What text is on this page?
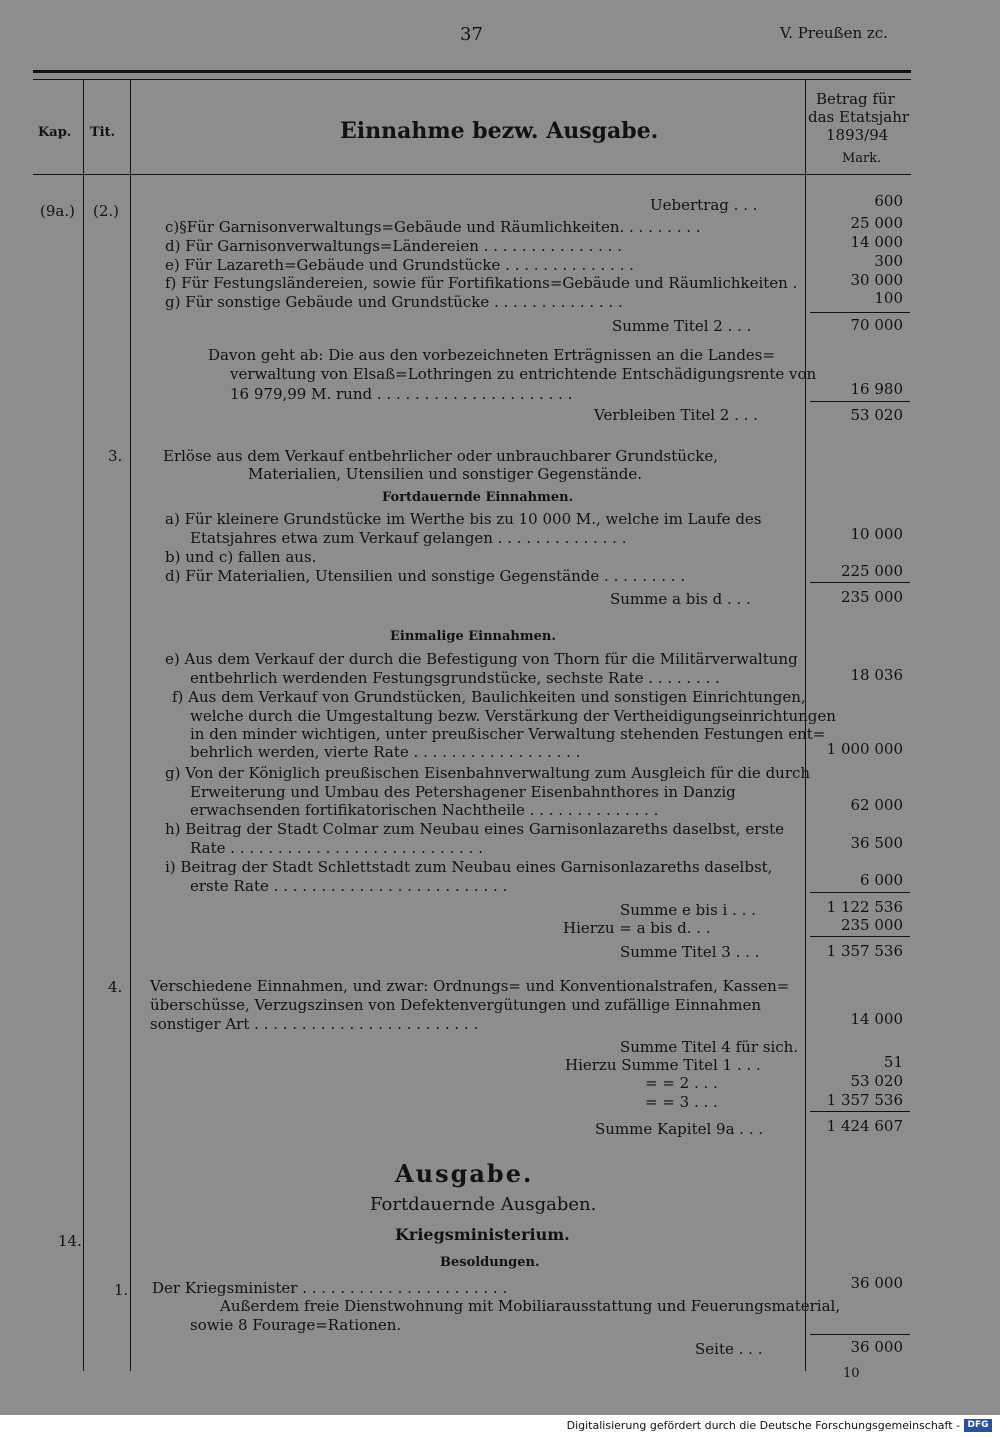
37	V. Preußen zc.
Kap. Tit.	Einnahme bezw. Ausgabe.
Betrag für
das Etatsjahr
1893/94
Mark.
(9a.) (2.)
3.
4.
14.
1.
Uebertrag . . .
c)§Für Garnisonverwaltungs=Gebäude und Räumlichkeiten. . . . . . . . .
d) Für Garnisonverwaltungs=Ländereien . . . . . . . . . . . . . . .
e) Für Lazareth=Gebäude und Grundstücke . . . . . . . . . . . . . .
f) Für Festungsländereien, sowie für Fortifikations=Gebäude und Räumlichkeiten .
g) Für sonstige Gebäude und Grundstücke . . . . . . . . . . . . . .
Summe Titel 2 . . .
Davon geht ab: Die aus den vorbezeichneten Erträgnissen an die Landes=
verwaltung von Elsaß=Lothringen zu entrichtende Entschädigungsrente von
16 979,99 M. rund . . . . . . . . . . . . . . . . . . . . .
Verbleiben Titel 2 . . .
Erlöse aus dem Verkauf entbehrlicher oder unbrauchbarer Grundstücke,
Materialien, Utensilien und sonstiger Gegenstände.
Fortdauernde Einnahmen.
a) Für kleinere Grundstücke im Werthe bis zu 10 000 M., welche im Laufe des
Etatsjahres etwa zum Verkauf gelangen . . . . . . . . . . . . . .
b) und c) fallen aus.
d) Für Materialien, Utensilien und sonstige Gegenstände . . . . . . . . .
Summe a bis d . . .
Einmalige Einnahmen.
e) Aus dem Verkauf der durch die Befestigung von Thorn für die Militärverwaltung
entbehrlich werdenden Festungsgrundstücke, sechste Rate . . . . . . . .
f) Aus dem Verkauf von Grundstücken, Baulichkeiten und sonstigen Einrichtungen,
welche durch die Umgestaltung bezw. Verstärkung der Vertheidigungseinrichtungen
in den minder wichtigen, unter preußischer Verwaltung stehenden Festungen ent=
behrlich werden, vierte Rate . . . . . . . . . . . . . . . . . .
g) Von der Königlich preußischen Eisenbahnverwaltung zum Ausgleich für die durch
Erweiterung und Umbau des Petershagener Eisenbahnthores in Danzig
erwachsenden fortifikatorischen Nachtheile . . . . . . . . . . . . . .
h) Beitrag der Stadt Colmar zum Neubau eines Garnisonlazareths daselbst, erste
Rate . . . . . . . . . . . . . . . . . . . . . . . . . . .
i) Beitrag der Stadt Schlettstadt zum Neubau eines Garnisonlazareths daselbst,
erste Rate . . . . . . . . . . . . . . . . . . . . . . . . .
Summe e bis i . . .
Hierzu = a bis d. . .
Summe Titel 3 . . .
Verschiedene Einnahmen, und zwar: Ordnungs= und Konventionalstrafen, Kassen=
überschüsse, Verzugszinsen von Defektenvergütungen und zufällige Einnahmen
sonstiger Art . . . . . . . . . . . . . . . . . . . . . . . .
Summe Titel 4 für sich.
Hierzu Summe Titel 1 . . .
= = 2 . . .
= = 3 . . .
Summe Kapitel 9a . . .
Ausgabe.
Fortdauernde Ausgaben.
Kriegsministerium.
Besoldungen.
Der Kriegsminister . . . . . . . . . . . . . . . . . . . . . .
Außerdem freie Dienstwohnung mit Mobiliarausstattung und Feuerungsmaterial,
sowie 8 Fourage=Rationen.
Seite . . .
600
25 000
14 000
300
30 000
100
70 000
16 980
53 020
10 000
225 000
235 000
18 036
1 000 000
62 000
36 500
6 000
1 122 536
235 000
1 357 536
14 000
51
53 020
1 357 536
1 424 607
36 000
36 000
10
Digitalisierung gefördert durch die Deutsche Forschungsgemeinschaft - DFG
